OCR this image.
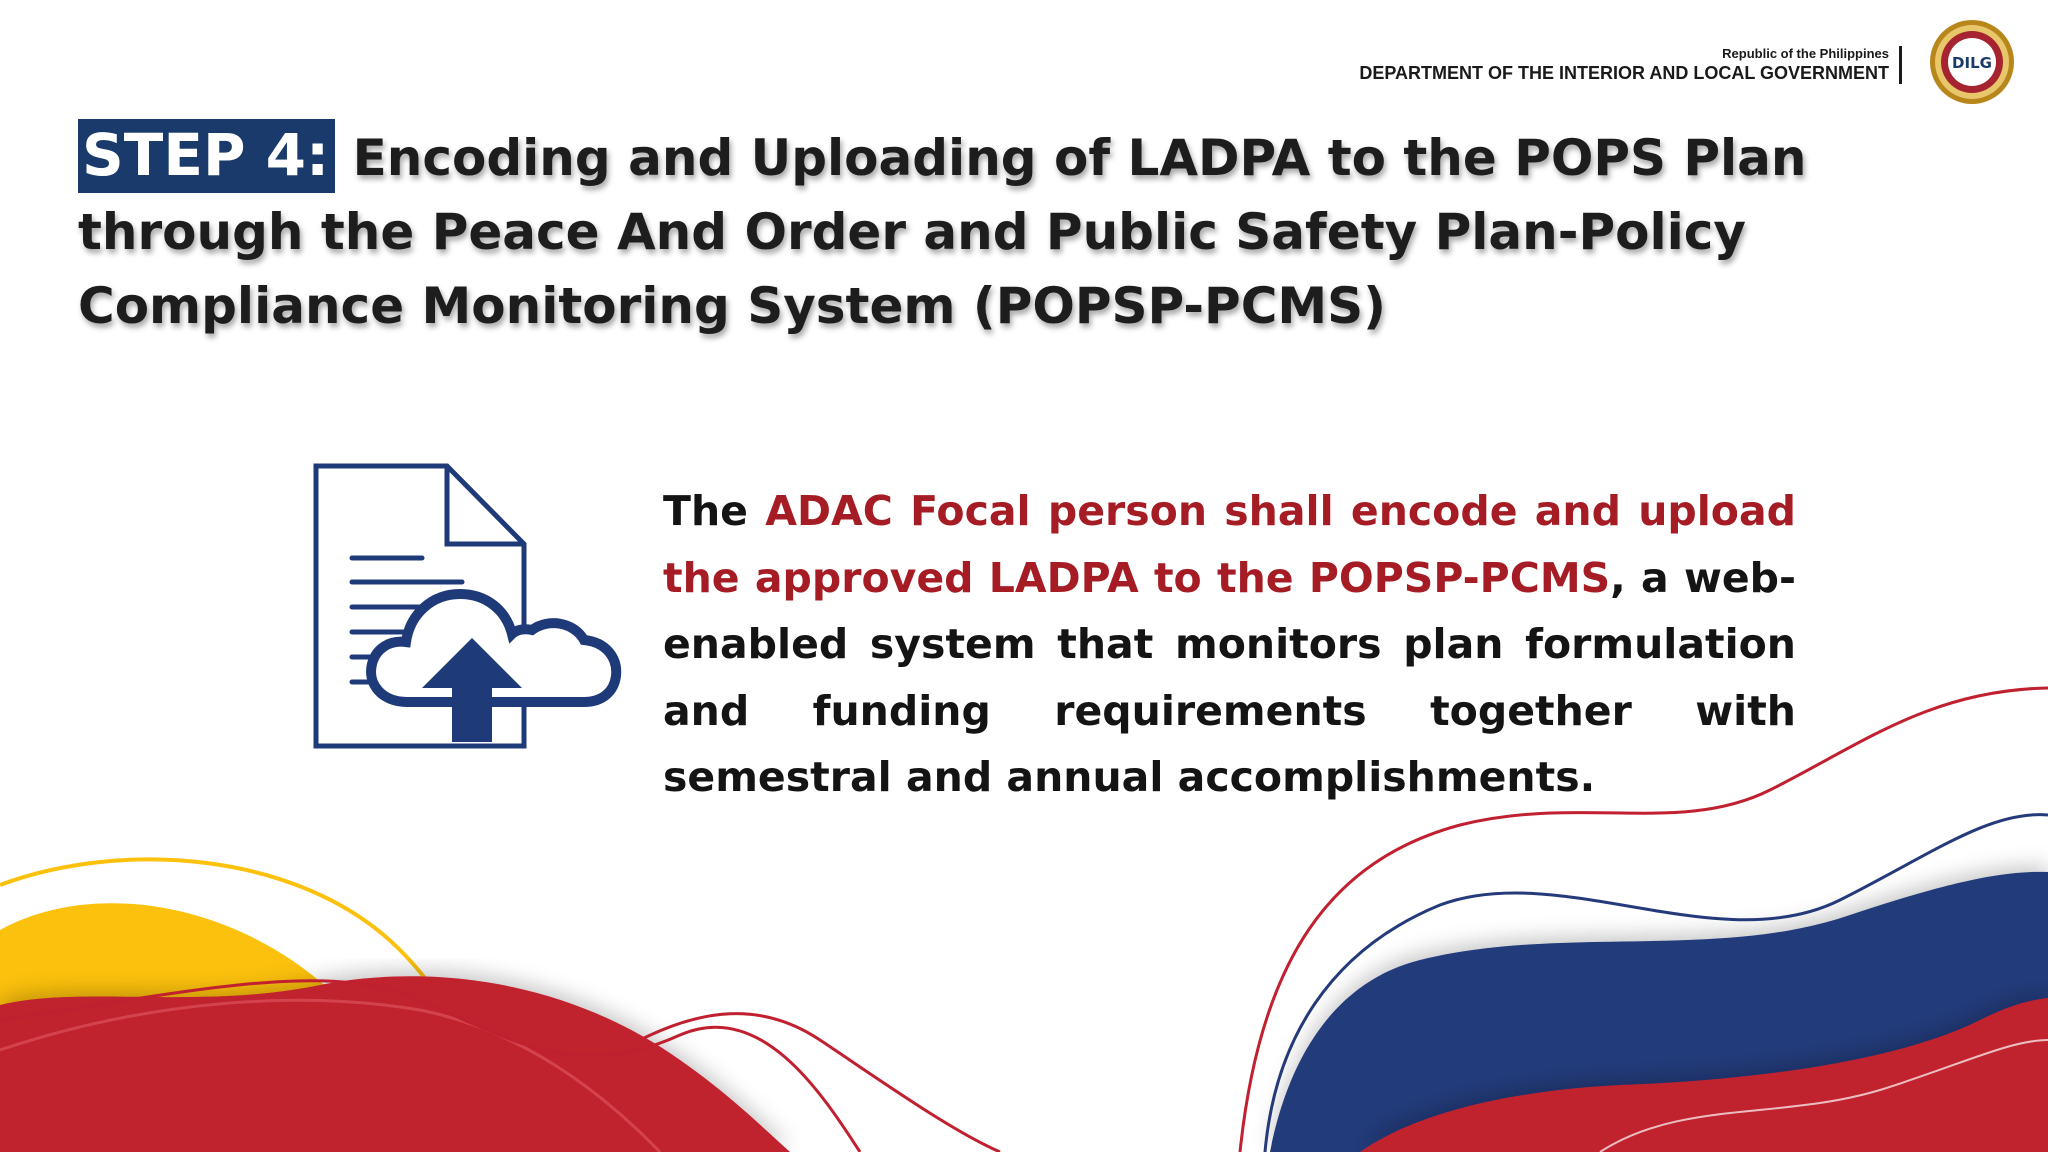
Republic of the Philippines
DEPARTMENT OF THE INTERIOR AND LOCAL GOVERNMENT	DILG
STEP 4: Encoding and Uploading of LADPA to the POPS Plan through the Peace And Order and Public Safety Plan-Policy Compliance Monitoring System (POPSP-PCMS)
The ADAC Focal person shall encode and upload the approved LADPA to the POPSP-PCMS, a web-enabled system that monitors plan formulation and funding requirements together with semestral and annual accomplishments.
